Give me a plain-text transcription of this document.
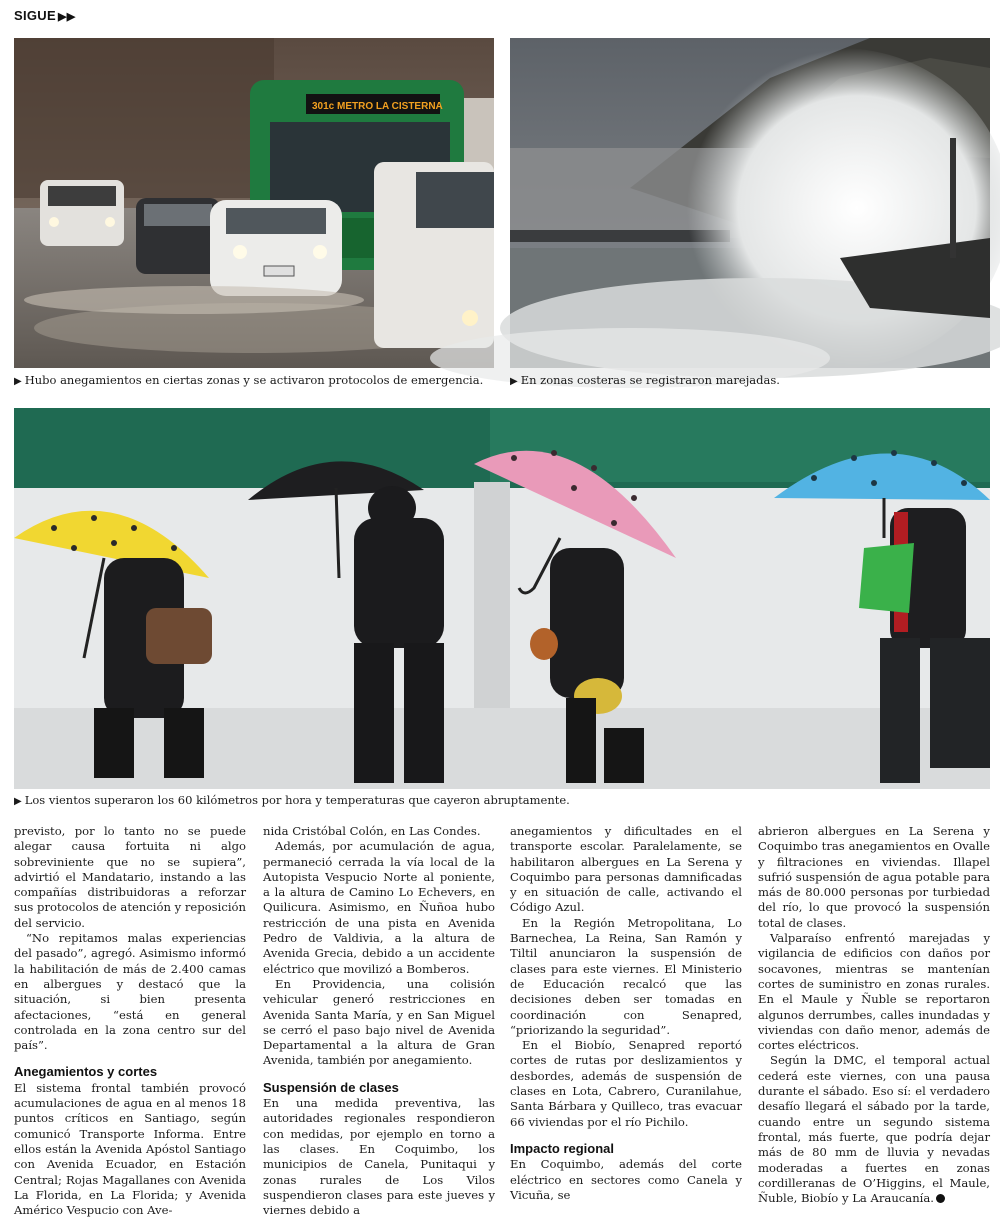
SIGUE ▶▶
301c METRO LA CISTERNA
▶ Hubo anegamientos en ciertas zonas y se activaron protocolos de emergencia.	▶ En zonas costeras se registraron marejadas.
▶ Los vientos superaron los 60 kilómetros por hora y temperaturas que cayeron abruptamente.

previsto, por lo tanto no se puede alegar causa fortuita ni algo sobreviniente que no se supiera”, advirtió el Mandatario, instando a las compañías distribuidoras a reforzar sus protocolos de atención y reposición del servicio.

“No repitamos malas experiencias del pasado”, agregó. Asimismo informó la habilitación de más de 2.400 camas en albergues y destacó que la situación, si bien presenta afectaciones, “está en general controlada en la zona centro sur del país”.

Anegamientos y cortes

El sistema frontal también provocó acumulaciones de agua en al menos 18 puntos críticos en Santiago, según comunicó Transporte Informa. Entre ellos están la Avenida Apóstol Santiago con Avenida Ecuador, en Estación Central; Rojas Magallanes con Avenida La Florida, en La Florida; y Avenida Américo Vespucio con Ave-

nida Cristóbal Colón, en Las Condes.

Además, por acumulación de agua, permaneció cerrada la vía local de la Autopista Vespucio Norte al poniente, a la altura de Camino Lo Echevers, en Quilicura. Asimismo, en Ñuñoa hubo restricción de una pista en Avenida Pedro de Valdivia, a la altura de Avenida Grecia, debido a un accidente eléctrico que movilizó a Bomberos.

En Providencia, una colisión vehicular generó restricciones en Avenida Santa María, y en San Miguel se cerró el paso bajo nivel de Avenida Departamental a la altura de Gran Avenida, también por anegamiento.

Suspensión de clases

En una medida preventiva, las autoridades regionales respondieron con medidas, por ejemplo en torno a las clases. En Coquimbo, los municipios de Canela, Punitaqui y zonas rurales de Los Vilos suspendieron clases para este jueves y viernes debido a

anegamientos y dificultades en el transporte escolar. Paralelamente, se habilitaron albergues en La Serena y Coquimbo para personas damnificadas y en situación de calle, activando el Código Azul.

En la Región Metropolitana, Lo Barnechea, La Reina, San Ramón y Tiltil anunciaron la suspensión de clases para este viernes. El Ministerio de Educación recalcó que las decisiones deben ser tomadas en coordinación con Senapred, “priorizando la seguridad”.

En el Biobío, Senapred reportó cortes de rutas por deslizamientos y desbordes, además de suspensión de clases en Lota, Cabrero, Curanilahue, Santa Bárbara y Quilleco, tras evacuar 66 viviendas por el río Pichilo.

Impacto regional

En Coquimbo, además del corte eléctrico en sectores como Canela y Vicuña, se

abrieron albergues en La Serena y Coquimbo tras anegamientos en Ovalle y filtraciones en viviendas. Illapel sufrió suspensión de agua potable para más de 80.000 personas por turbiedad del río, lo que provocó la suspensión total de clases.

Valparaíso enfrentó marejadas y vigilancia de edificios con daños por socavones, mientras se mantenían cortes de suministro en zonas rurales. En el Maule y Ñuble se reportaron algunos derrumbes, calles inundadas y viviendas con daño menor, además de cortes eléctricos.

Según la DMC, el temporal actual cederá este viernes, con una pausa durante el sábado. Eso sí: el verdadero desafío llegará el sábado por la tarde, cuando entre un segundo sistema frontal, más fuerte, que podría dejar más de 80 mm de lluvia y nevadas moderadas a fuertes en zonas cordilleranas de O’Higgins, el Maule, Ñuble, Biobío y La Araucanía.
